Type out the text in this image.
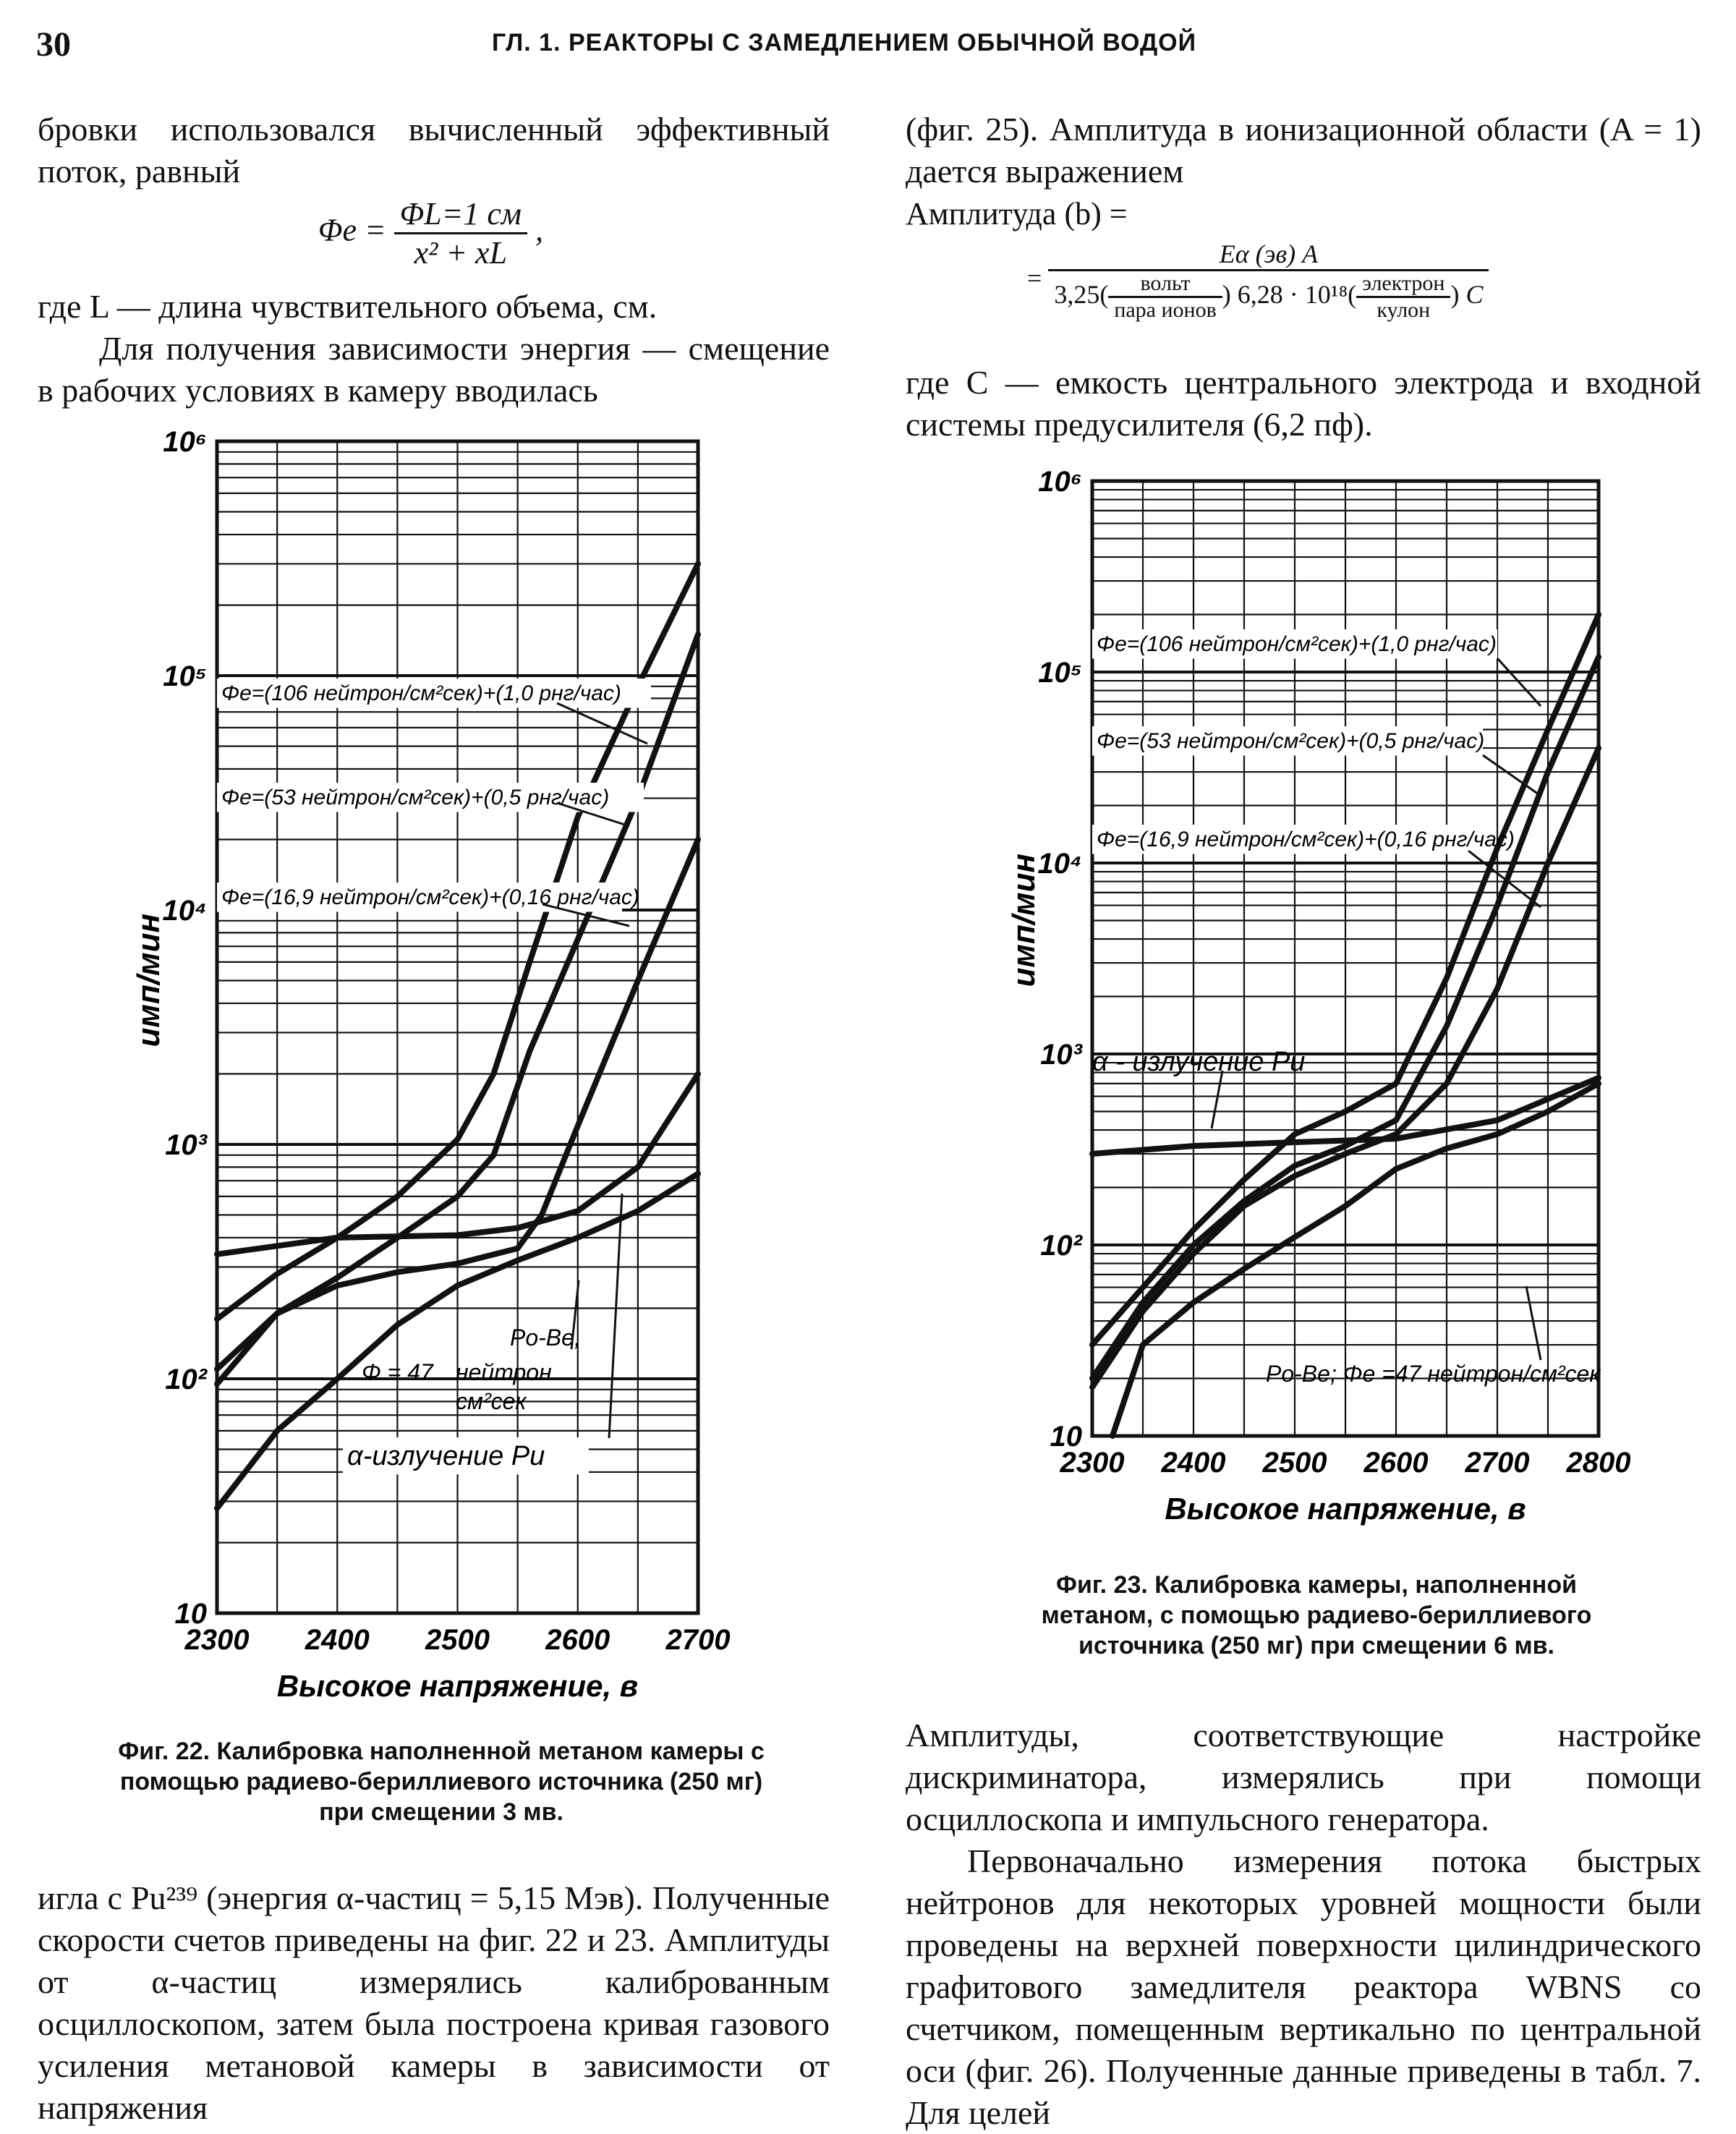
30	ГЛ. 1. РЕАКТОРЫ С ЗАМЕДЛЕНИЕМ ОБЫЧНОЙ ВОДОЙ

бровки использовался вычисленный эффективный поток, равный

$\Phi e = \frac{\Phi L=1 см}{\text{x² + xL}}$ ,

где L — длина чувствительного объема, см.

Для получения зависимости энергия — смещение в рабочих условиях в камеру вводилась

2300 2400 2500 2600 2700
10
10²
10³
10⁴
10⁵
10⁶
Высокое напряжение, в
имп/мин
Φe=(106 нейтрон/см²сек)+(1,0 рнг/час)
Φe=(53 нейтрон/см²сек)+(0,5 рнг/час)
Φe=(16,9 нейтрон/см²сек)+(0,16 рнг/час)
Po-Be,
Φ = 47 нейтрон
см²сек
α-излучение Pu
Фиг. 22. Калибровка наполненной метаном камеры с помощью радиево-бериллиевого источника (250 мг) при смещении 3 мв.

игла с Pu²³⁹ (энергия α-частиц = 5,15 Мэв). Полученные скорости счетов приведены на фиг. 22 и 23. Амплитуды от α-частиц измерялись калиброванным осциллоскопом, затем была построена кривая газового усиления метановой камеры в зависимости от напряжения

(фиг. 25). Амплитуда в ионизационной области (A = 1) дается выражением

Амплитуда (b) =
=
Eα (эв) A
$3,25( \frac{\text{вольт}}{\text{пара ионов}}$ ) $6,28 \cdot 10^{18}( \frac{\text{электрон}}{\text{кулон}}$ ) C

где C — емкость центрального электрода и входной системы предусилителя (6,2 пф).

2300 2400 2500 2600 2700 2800
10
10²
10³
10⁴
10⁵
10⁶
Высокое напряжение, в
имп/мин
Φe=(106 нейтрон/см²сек)+(1,0 рнг/час)
Φe=(53 нейтрон/см²сек)+(0,5 рнг/час)
Φe=(16,9 нейтрон/см²сек)+(0,16 рнг/час)
α - излучение Pu
Po-Be; Φe =47 нейтрон/см²сек
Фиг. 23. Калибровка камеры, наполненной метаном, с помощью радиево-бериллиевого источника (250 мг) при смещении 6 мв.

Амплитуды, соответствующие настройке дискриминатора, измерялись при помощи осциллоскопа и импульсного генератора.

Первоначально измерения потока быстрых нейтронов для некоторых уровней мощности были проведены на верхней поверхности цилиндрического графитового замедлителя реактора WBNS со счетчиком, помещенным вертикально по центральной оси (фиг. 26). Полученные данные приведены в табл. 7. Для целей
